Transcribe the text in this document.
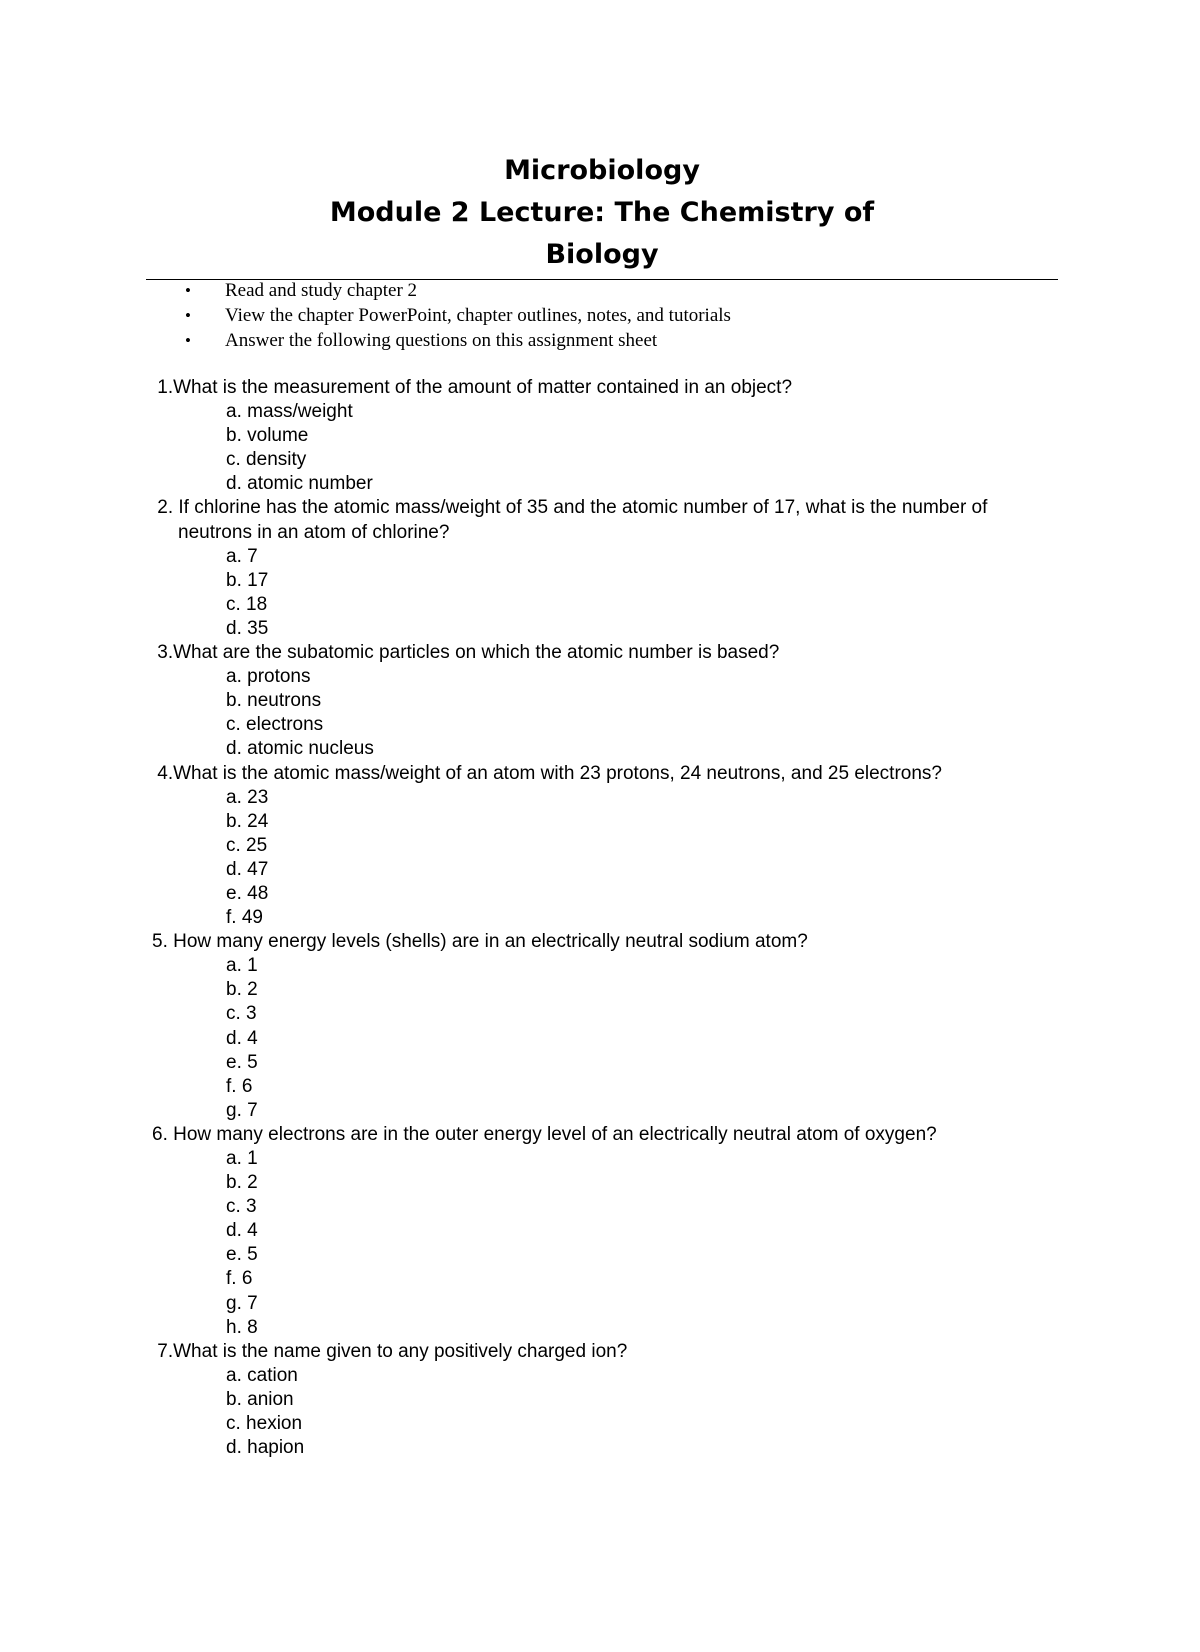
Microbiology
Module 2 Lecture: The Chemistry of
Biology
• Read and study chapter 2
• View the chapter PowerPoint, chapter outlines, notes, and tutorials
• Answer the following questions on this assignment sheet
1.What is the measurement of the amount of matter contained in an object?
a. mass/weight
b. volume
c. density
d. atomic number
2. If chlorine has the atomic mass/weight of 35 and the atomic number of 17, what is the number of neutrons in an atom of chlorine?
a. 7
b. 17
c. 18
d. 35
3.What are the subatomic particles on which the atomic number is based?
a. protons
b. neutrons
c. electrons
d. atomic nucleus
4.What is the atomic mass/weight of an atom with 23 protons, 24 neutrons, and 25 electrons?
a. 23
b. 24
c. 25
d. 47
e. 48
f. 49
5. How many energy levels (shells) are in an electrically neutral sodium atom?
a. 1
b. 2
c. 3
d. 4
e. 5
f. 6
g. 7
6. How many electrons are in the outer energy level of an electrically neutral atom of oxygen?
a. 1
b. 2
c. 3
d. 4
e. 5
f. 6
g. 7
h. 8
7.What is the name given to any positively charged ion?
a. cation
b. anion
c. hexion
d. hapion
